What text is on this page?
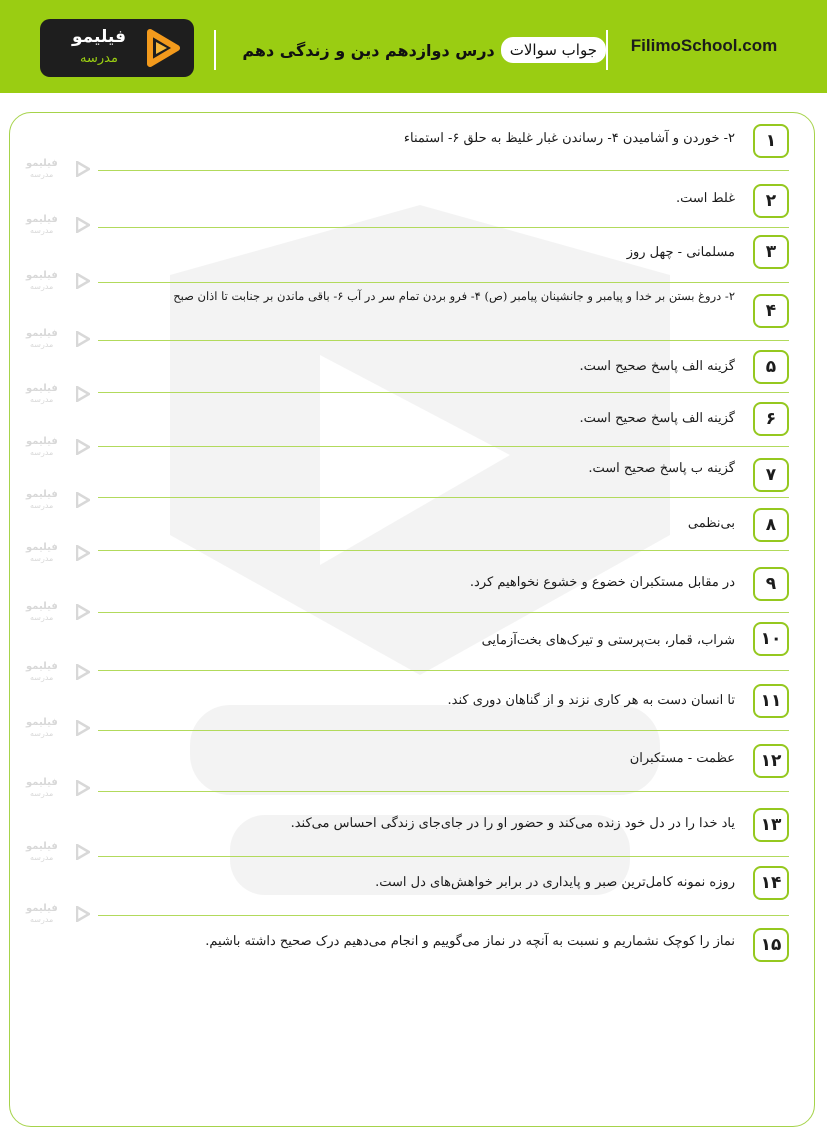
FilimoSchool.com
جواب سوالات
درس دوازدهم دین و زندگی دهم
فیلیمو
مدرسه
فیلیمو
مدرسه
فیلیمو
مدرسه
فیلیمو
مدرسه
فیلیمو
مدرسه
فیلیمو
مدرسه
فیلیمو
مدرسه
فیلیمو
مدرسه
فیلیمو
مدرسه
فیلیمو
مدرسه
فیلیمو
مدرسه
فیلیمو
مدرسه
فیلیمو
مدرسه
فیلیمو
مدرسه
فیلیمو
مدرسه
۱
۲- خوردن و آشامیدن ۴- رساندن غبار غلیظ به حلق ۶- استمناء
۲
غلط است.
۳
مسلمانی - چهل روز
۴
۲- دروغ بستن بر خدا و پیامبر و جانشینان پیامبر (ص) ۴- فرو بردن تمام سر در آب ۶- باقی ماندن بر جنابت تا اذان صبح
۵
گزینه الف پاسخ صحیح است.
۶
گزینه الف پاسخ صحیح است.
۷
گزینه ب پاسخ صحیح است.
۸
بی‌نظمی
۹
در مقابل مستکبران خضوع و خشوع نخواهیم کرد.
۱۰
شراب، قمار، بت‌پرستی و تیرک‌های بخت‌آزمایی
۱۱
تا انسان دست به هر کاری نزند و از گناهان دوری کند.
۱۲
عظمت - مستکبران
۱۳
یاد خدا را در دل خود زنده می‌کند و حضور او را در جای‌جای زندگی احساس می‌کند.
۱۴
روزه نمونه کامل‌ترین صبر و پایداری در برابر خواهش‌های دل است.
۱۵
نماز را کوچک نشماریم و نسبت به آنچه در نماز می‌گوییم و انجام می‌دهیم درک صحیح داشته باشیم.
